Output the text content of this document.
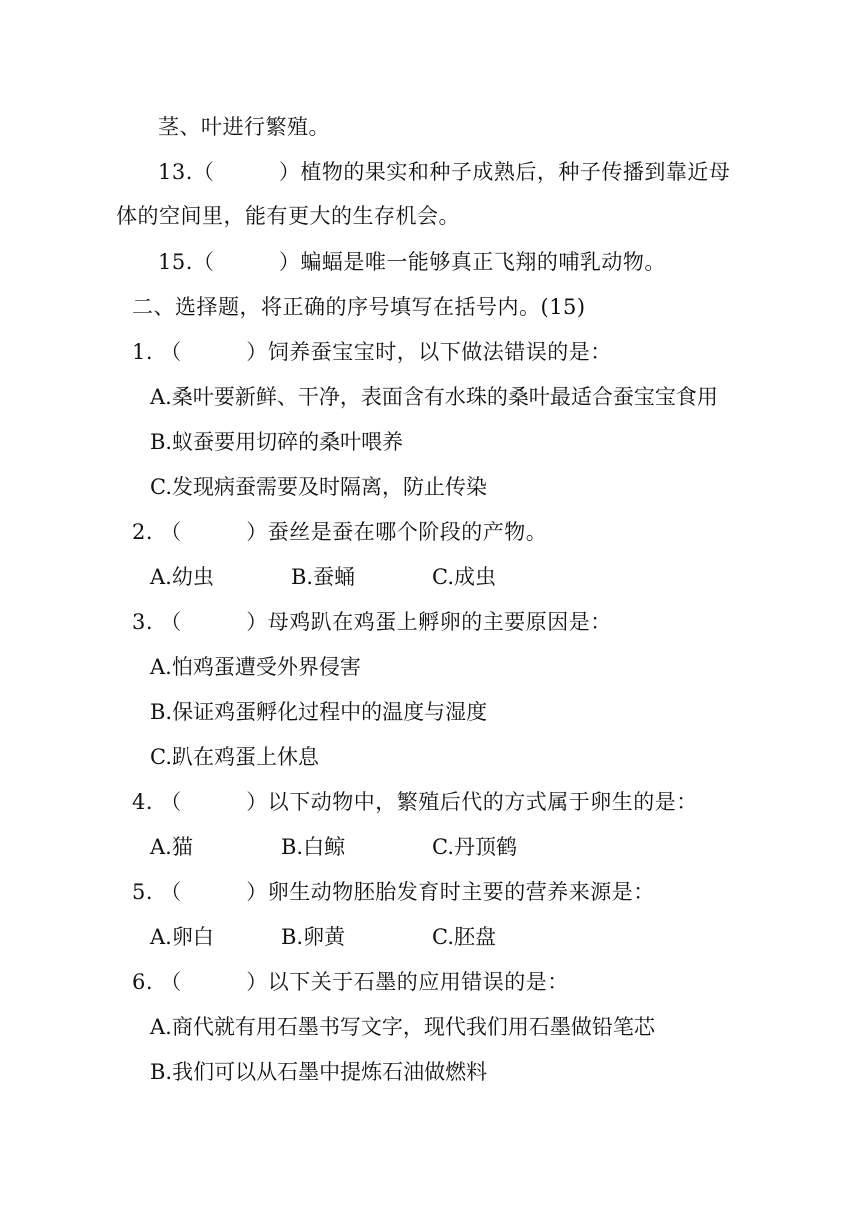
茎、叶进行繁殖。
13.（　　　）植物的果实和种子成熟后，种子传播到靠近母
体的空间里，能有更大的生存机会。
15.（　　　）蝙蝠是唯一能够真正飞翔的哺乳动物。
二、选择题，将正确的序号填写在括号内。(15)
1. （　　　）饲养蚕宝宝时，以下做法错误的是：
A.桑叶要新鲜、干净，表面含有水珠的桑叶最适合蚕宝宝食用
B.蚁蚕要用切碎的桑叶喂养
C.发现病蚕需要及时隔离，防止传染
2. （　　　）蚕丝是蚕在哪个阶段的产物。
A.幼虫	B.蚕蛹	C.成虫
3. （　　　）母鸡趴在鸡蛋上孵卵的主要原因是：
A.怕鸡蛋遭受外界侵害
B.保证鸡蛋孵化过程中的温度与湿度
C.趴在鸡蛋上休息
4. （　　　）以下动物中，繁殖后代的方式属于卵生的是：
A.猫	B.白鲸	C.丹顶鹤
5. （　　　）卵生动物胚胎发育时主要的营养来源是：
A.卵白	B.卵黄	C.胚盘
6. （　　　）以下关于石墨的应用错误的是：
A.商代就有用石墨书写文字，现代我们用石墨做铅笔芯
B.我们可以从石墨中提炼石油做燃料
